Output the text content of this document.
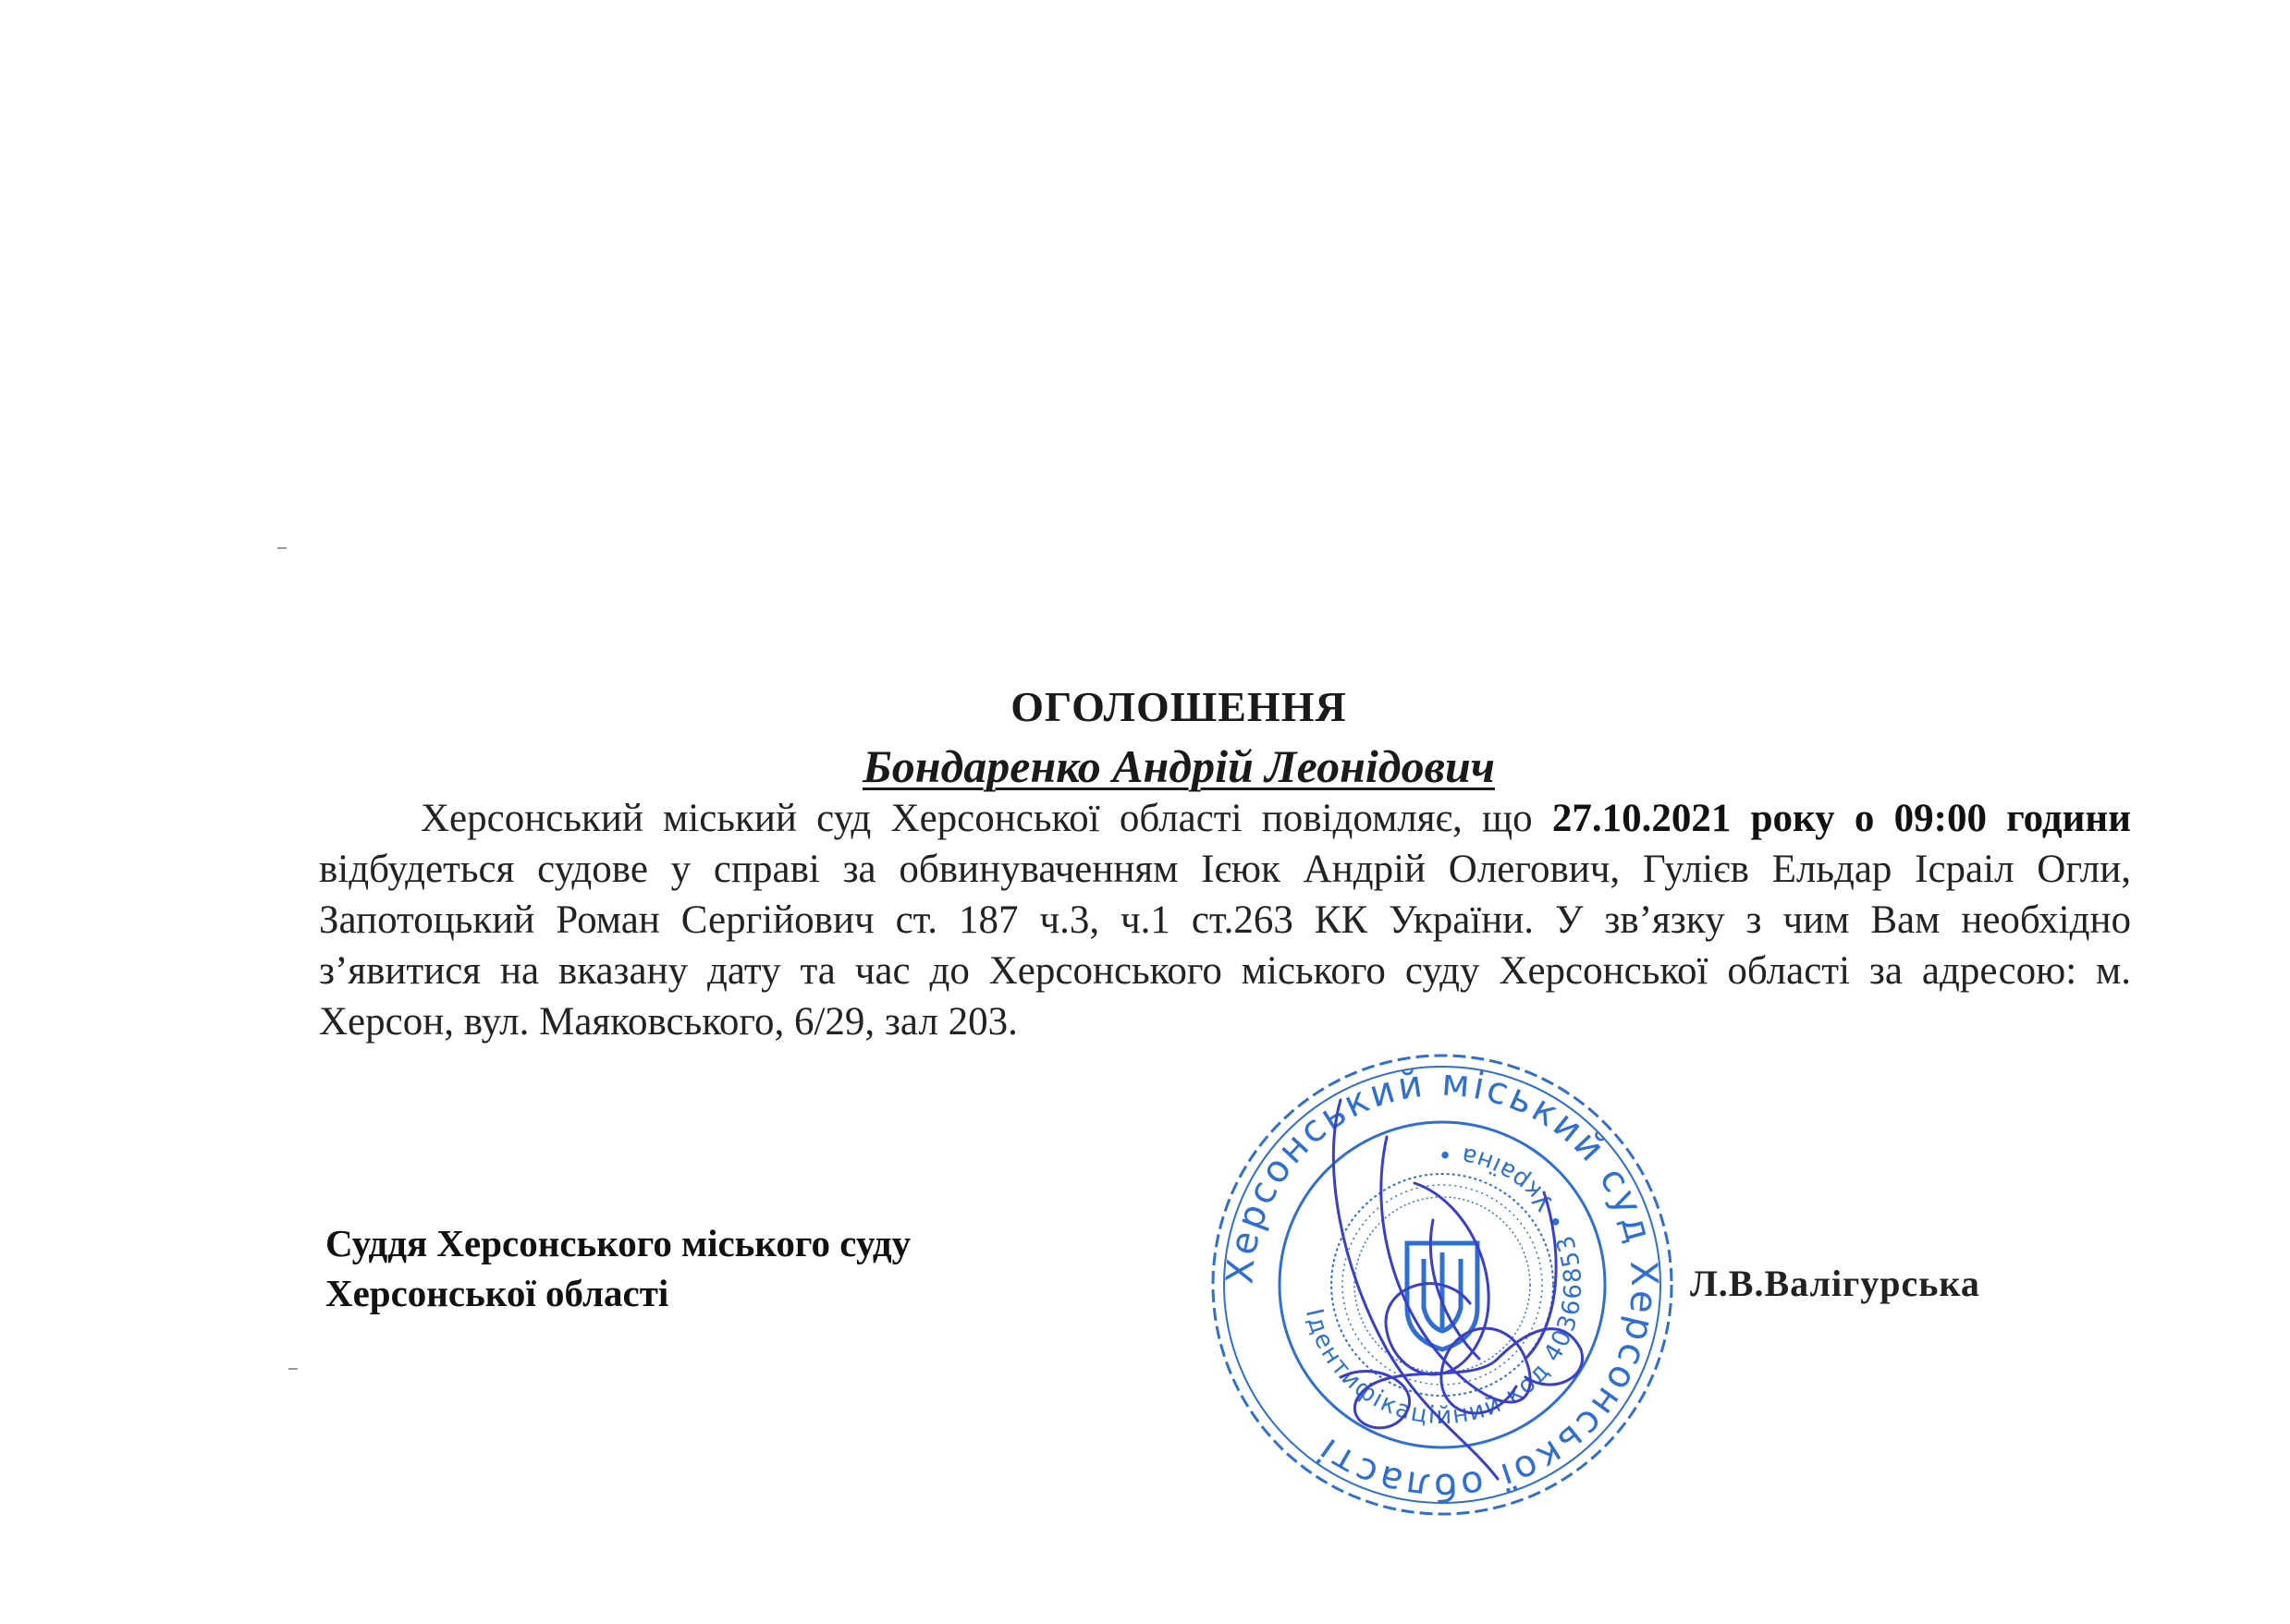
ОГОЛОШЕННЯ
Бондаренко Андрій Леонідович

Херсонський міський суд Херсонської області повідомляє, що 27.10.2021 року о 09:00 години відбудеться судове у справі за обвинуваченням Ієюк Андрій Олегович, Гулієв Ельдар Ісраіл Огли, Запотоцький Роман Сергійович ст. 187 ч.3, ч.1 ст.263 КК України. У зв’язку з чим Вам необхідно з’явитися на вказану дату та час до Херсонського міського суду Херсонської області за адресою: м. Херсон, вул. Маяковського, 6/29, зал 203.

Суддя Херсонського міського суду
Херсонської області	Л.В.Валігурська
Херсонський міський суд Херсонської області
Ідентифікаційний код 40366853 • Україна •
